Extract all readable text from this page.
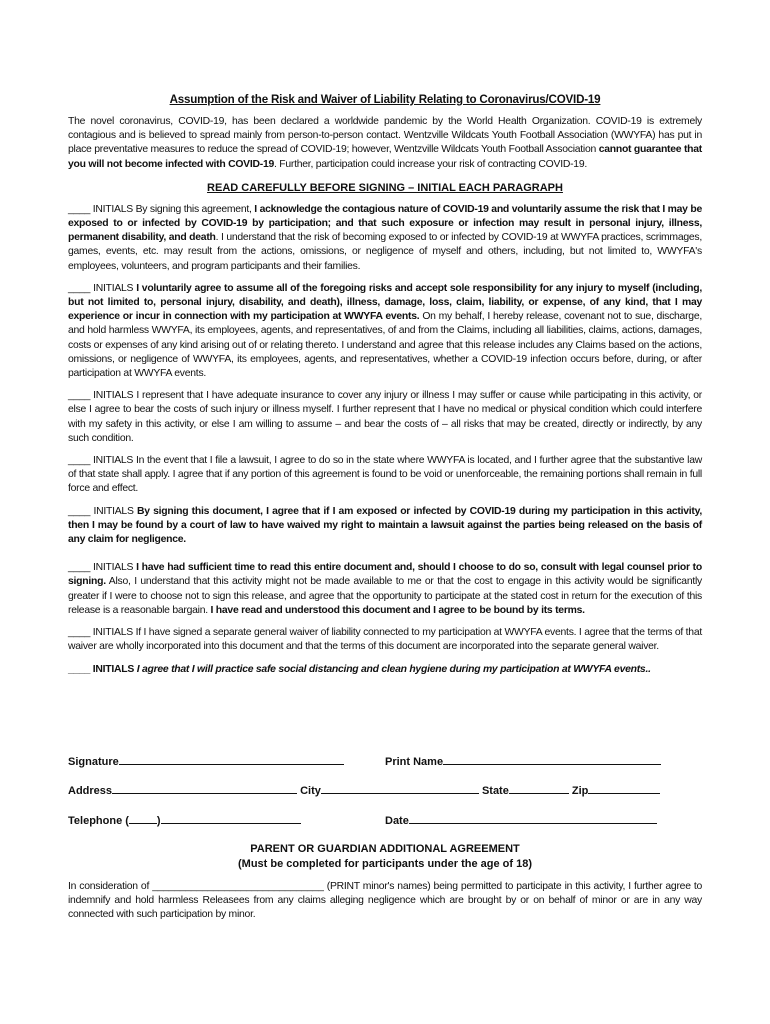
Assumption of the Risk and Waiver of Liability Relating to Coronavirus/COVID-19

The novel coronavirus, COVID-19, has been declared a worldwide pandemic by the World Health Organization. COVID-19 is extremely contagious and is believed to spread mainly from person-to-person contact. Wentzville Wildcats Youth Football Association (WWYFA) has put in place preventative measures to reduce the spread of COVID-19; however, Wentzville Wildcats Youth Football Association cannot guarantee that you will not become infected with COVID-19. Further, participation could increase your risk of contracting COVID-19.

READ CAREFULLY BEFORE SIGNING – INITIAL EACH PARAGRAPH

____ INITIALS By signing this agreement, I acknowledge the contagious nature of COVID-19 and voluntarily assume the risk that I may be exposed to or infected by COVID-19 by participation; and that such exposure or infection may result in personal injury, illness, permanent disability, and death. I understand that the risk of becoming exposed to or infected by COVID-19 at WWYFA practices, scrimmages, games, events, etc. may result from the actions, omissions, or negligence of myself and others, including, but not limited to, WWYFA's employees, volunteers, and program participants and their families.

____ INITIALS I voluntarily agree to assume all of the foregoing risks and accept sole responsibility for any injury to myself (including, but not limited to, personal injury, disability, and death), illness, damage, loss, claim, liability, or expense, of any kind, that I may experience or incur in connection with my participation at WWYFA events. On my behalf, I hereby release, covenant not to sue, discharge, and hold harmless WWYFA, its employees, agents, and representatives, of and from the Claims, including all liabilities, claims, actions, damages, costs or expenses of any kind arising out of or relating thereto. I understand and agree that this release includes any Claims based on the actions, omissions, or negligence of WWYFA, its employees, agents, and representatives, whether a COVID-19 infection occurs before, during, or after participation at WWYFA events.

____ INITIALS I represent that I have adequate insurance to cover any injury or illness I may suffer or cause while participating in this activity, or else I agree to bear the costs of such injury or illness myself. I further represent that I have no medical or physical condition which could interfere with my safety in this activity, or else I am willing to assume – and bear the costs of – all risks that may be created, directly or indirectly, by any such condition.

____ INITIALS In the event that I file a lawsuit, I agree to do so in the state where WWYFA is located, and I further agree that the substantive law of that state shall apply. I agree that if any portion of this agreement is found to be void or unenforceable, the remaining portions shall remain in full force and effect.

____ INITIALS By signing this document, I agree that if I am exposed or infected by COVID-19 during my participation in this activity, then I may be found by a court of law to have waived my right to maintain a lawsuit against the parties being released on the basis of any claim for negligence.

____ INITIALS I have had sufficient time to read this entire document and, should I choose to do so, consult with legal counsel prior to signing. Also, I understand that this activity might not be made available to me or that the cost to engage in this activity would be significantly greater if I were to choose not to sign this release, and agree that the opportunity to participate at the stated cost in return for the execution of this release is a reasonable bargain. I have read and understood this document and I agree to be bound by its terms.

____ INITIALS If I have signed a separate general waiver of liability connected to my participation at WWYFA events. I agree that the terms of that waiver are wholly incorporated into this document and that the terms of this document are incorporated into the separate general waiver.

____ INITIALS I agree that I will practice safe social distancing and clean hygiene during my participation at WWYFA events..

Signature	Print Name
Address	City	State	Zip
Telephone (	)	Date
PARENT OR GUARDIAN ADDITIONAL AGREEMENT
(Must be completed for participants under the age of 18)

In consideration of _______________________________ (PRINT minor's names) being permitted to participate in this activity, I further agree to indemnify and hold harmless Releasees from any claims alleging negligence which are brought by or on behalf of minor or are in any way connected with such participation by minor.
